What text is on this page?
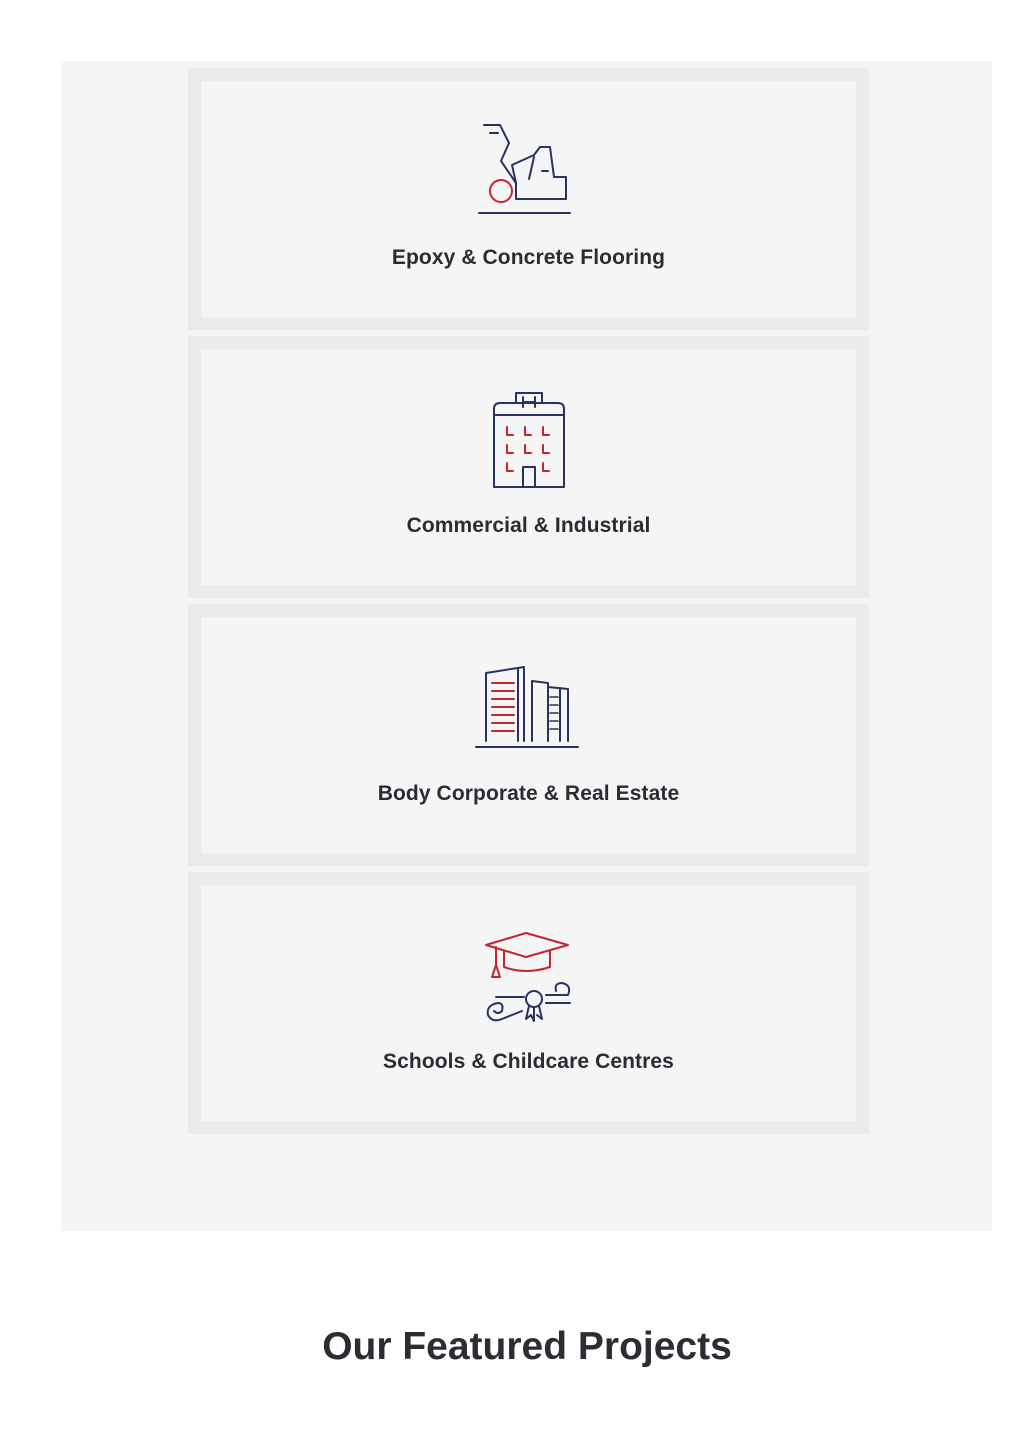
Epoxy & Concrete Flooring
Commercial & Industrial
Body Corporate & Real Estate
Schools & Childcare Centres
Our Featured Projects
